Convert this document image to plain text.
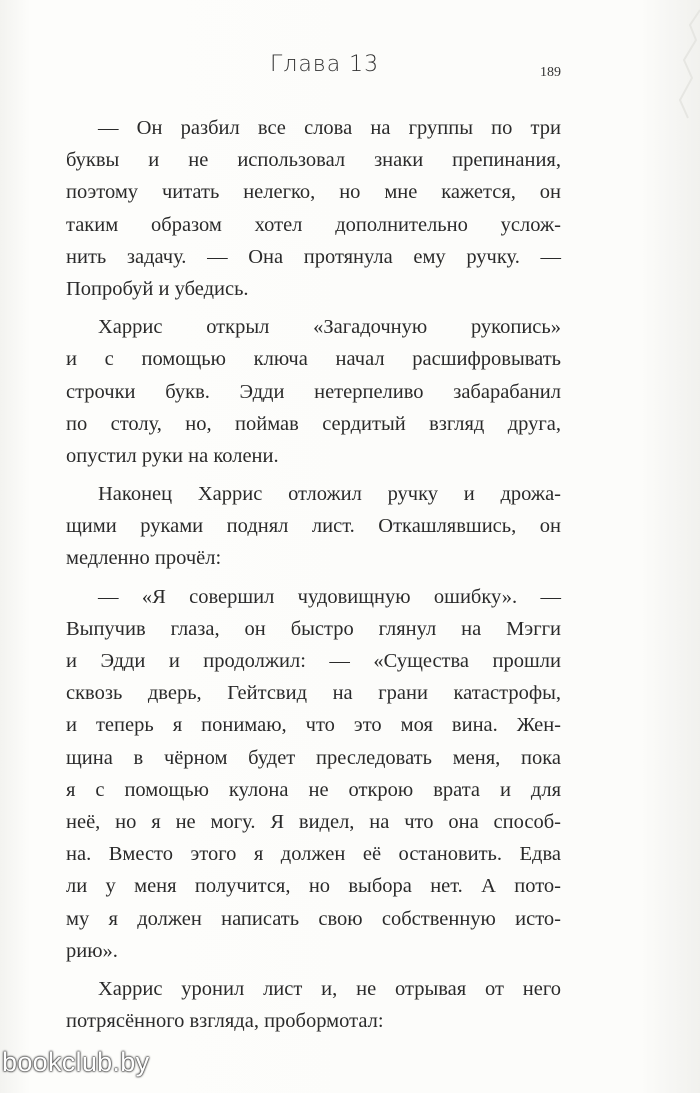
Глава 13	189
— Он разбил все слова на группы по три
буквы и не использовал знаки препинания,
поэтому читать нелегко, но мне кажется, он
таким образом хотел дополнительно услож-
нить задачу. — Она протянула ему ручку. —
Попробуй и убедись.
Харрис открыл «Загадочную рукопись»
и с помощью ключа начал расшифровывать
строчки букв. Эдди нетерпеливо забарабанил
по столу, но, поймав сердитый взгляд друга,
опустил руки на колени.
Наконец Харрис отложил ручку и дрожа-
щими руками поднял лист. Откашлявшись, он
медленно прочёл:
— «Я совершил чудовищную ошибку». —
Выпучив глаза, он быстро глянул на Мэгги
и Эдди и продолжил: — «Существа прошли
сквозь дверь, Гейтсвид на грани катастрофы,
и теперь я понимаю, что это моя вина. Жен-
щина в чёрном будет преследовать меня, пока
я с помощью кулона не открою врата и для
неё, но я не могу. Я видел, на что она способ-
на. Вместо этого я должен её остановить. Едва
ли у меня получится, но выбора нет. А пото-
му я должен написать свою собственную исто-
рию».
Харрис уронил лист и, не отрывая от него
потрясённого взгляда, пробормотал:
bookclub.by
